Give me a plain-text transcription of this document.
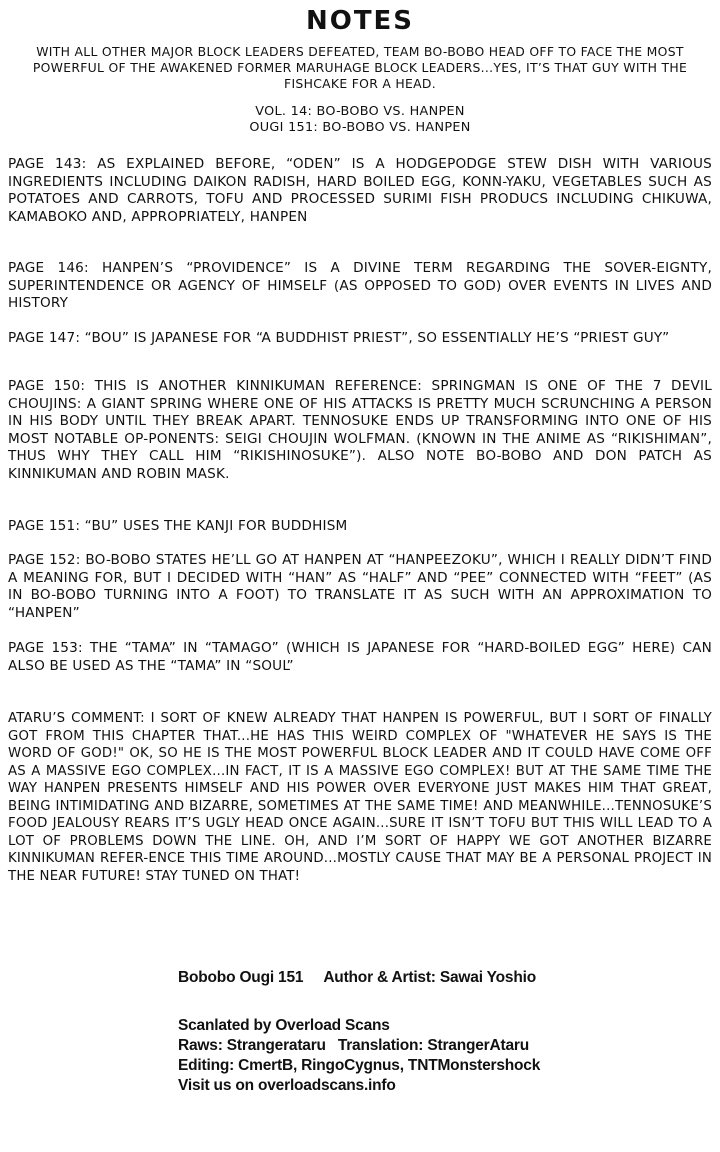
NOTES
WITH ALL OTHER MAJOR BLOCK LEADERS DEFEATED, TEAM BO-BOBO HEAD OFF TO FACE THE MOST POWERFUL OF THE AWAKENED FORMER MARUHAGE BLOCK LEADERS...YES, IT’S THAT GUY WITH THE FISHCAKE FOR A HEAD.
VOL. 14: BO-BOBO VS. HANPEN
OUGI 151: BO-BOBO VS. HANPEN
PAGE 143: AS EXPLAINED BEFORE, “ODEN” IS A HODGEPODGE STEW DISH WITH VARIOUS INGREDIENTS INCLUDING DAIKON RADISH, HARD BOILED EGG, KONN-YAKU, VEGETABLES SUCH AS POTATOES AND CARROTS, TOFU AND PROCESSED SURIMI FISH PRODUCS INCLUDING CHIKUWA, KAMABOKO AND, APPROPRIATELY, HANPEN
PAGE 146: HANPEN’S “PROVIDENCE” IS A DIVINE TERM REGARDING THE SOVER-EIGNTY, SUPERINTENDENCE OR AGENCY OF HIMSELF (AS OPPOSED TO GOD) OVER EVENTS IN LIVES AND HISTORY
PAGE 147: “BOU” IS JAPANESE FOR “A BUDDHIST PRIEST”, SO ESSENTIALLY HE’S “PRIEST GUY”
PAGE 150: THIS IS ANOTHER KINNIKUMAN REFERENCE: SPRINGMAN IS ONE OF THE 7 DEVIL CHOUJINS: A GIANT SPRING WHERE ONE OF HIS ATTACKS IS PRETTY MUCH SCRUNCHING A PERSON IN HIS BODY UNTIL THEY BREAK APART. TENNOSUKE ENDS UP TRANSFORMING INTO ONE OF HIS MOST NOTABLE OP-PONENTS: SEIGI CHOUJIN WOLFMAN. (KNOWN IN THE ANIME AS “RIKISHIMAN”, THUS WHY THEY CALL HIM “RIKISHINOSUKE”). ALSO NOTE BO-BOBO AND DON PATCH AS KINNIKUMAN AND ROBIN MASK.
PAGE 151: “BU” USES THE KANJI FOR BUDDHISM
PAGE 152: BO-BOBO STATES HE’LL GO AT HANPEN AT “HANPEEZOKU”, WHICH I REALLY DIDN’T FIND A MEANING FOR, BUT I DECIDED WITH “HAN” AS “HALF” AND “PEE” CONNECTED WITH “FEET” (AS IN BO-BOBO TURNING INTO A FOOT) TO TRANSLATE IT AS SUCH WITH AN APPROXIMATION TO “HANPEN”
PAGE 153: THE “TAMA” IN “TAMAGO” (WHICH IS JAPANESE FOR “HARD-BOILED EGG” HERE) CAN ALSO BE USED AS THE “TAMA” IN “SOUL”
ATARU’S COMMENT: I SORT OF KNEW ALREADY THAT HANPEN IS POWERFUL, BUT I SORT OF FINALLY GOT FROM THIS CHAPTER THAT...HE HAS THIS WEIRD COMPLEX OF "WHATEVER HE SAYS IS THE WORD OF GOD!" OK, SO HE IS THE MOST POWERFUL BLOCK LEADER AND IT COULD HAVE COME OFF AS A MASSIVE EGO COMPLEX...IN FACT, IT IS A MASSIVE EGO COMPLEX! BUT AT THE SAME TIME THE WAY HANPEN PRESENTS HIMSELF AND HIS POWER OVER EVERYONE JUST MAKES HIM THAT GREAT, BEING INTIMIDATING AND BIZARRE, SOMETIMES AT THE SAME TIME! AND MEANWHILE...TENNOSUKE’S FOOD JEALOUSY REARS IT’S UGLY HEAD ONCE AGAIN...SURE IT ISN’T TOFU BUT THIS WILL LEAD TO A LOT OF PROBLEMS DOWN THE LINE. OH, AND I’M SORT OF HAPPY WE GOT ANOTHER BIZARRE KINNIKUMAN REFER-ENCE THIS TIME AROUND...MOSTLY CAUSE THAT MAY BE A PERSONAL PROJECT IN THE NEAR FUTURE! STAY TUNED ON THAT!
Bobobo Ougi 151 Author & Artist: Sawai Yoshio
Scanlated by Overload Scans
Raws: Strangerataru Translation: StrangerAtaru
Editing: CmertB, RingoCygnus, TNTMonstershock
Visit us on overloadscans.info
